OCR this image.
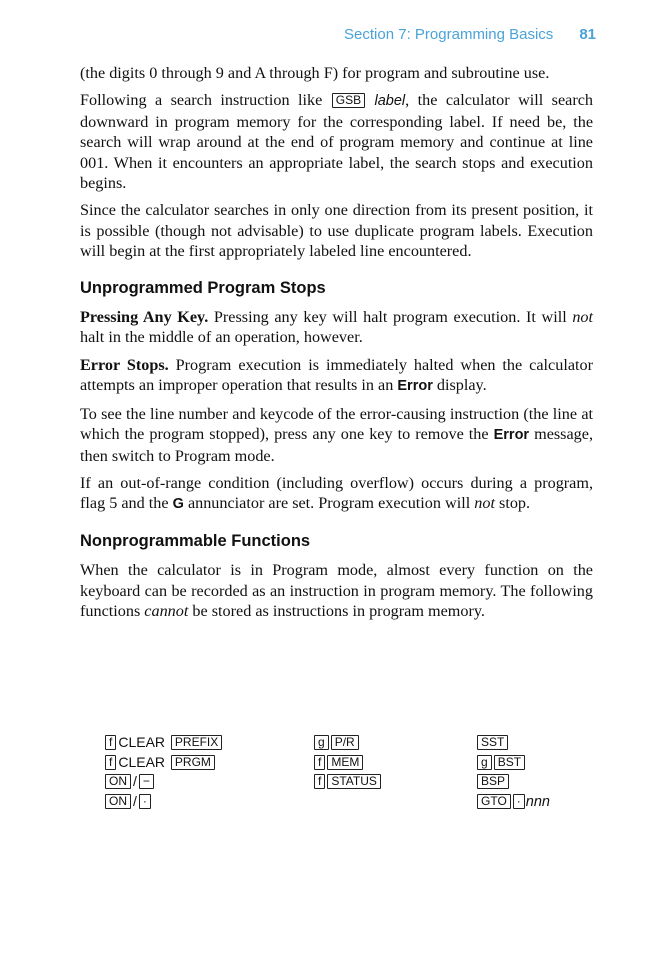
Section 7: Programming Basics 81

(the digits 0 through 9 and A through F) for program and subroutine use.

Following a search instruction like GSB label, the calculator will search downward in program memory for the corresponding label. If need be, the search will wrap around at the end of program memory and continue at line 001. When it encounters an appropriate label, the search stops and execution begins.

Since the calculator searches in only one direction from its present position, it is possible (though not advisable) to use duplicate program labels. Execution will begin at the first appropriately labeled line encountered.

Unprogrammed Program Stops

Pressing Any Key. Pressing any key will halt program execution. It will not halt in the middle of an operation, however.

Error Stops. Program execution is immediately halted when the calculator attempts an improper operation that results in an Error display.

To see the line number and keycode of the error-causing instruction (the line at which the program stopped), press any one key to remove the Error message, then switch to Program mode.

If an out-of-range condition (including overflow) occurs during a program, flag 5 and the G annunciator are set. Program execution will not stop.

Nonprogrammable Functions

When the calculator is in Program mode, almost every function on the keyboard can be recorded as an instruction in program memory. The following functions cannot be stored as instructions in program memory.

f CLEAR PREFIX
f CLEAR PRGM
ON / −
ON / ·
g P/R
f MEM
f STATUS
SST
g BST
BSP
GTO · nnn
